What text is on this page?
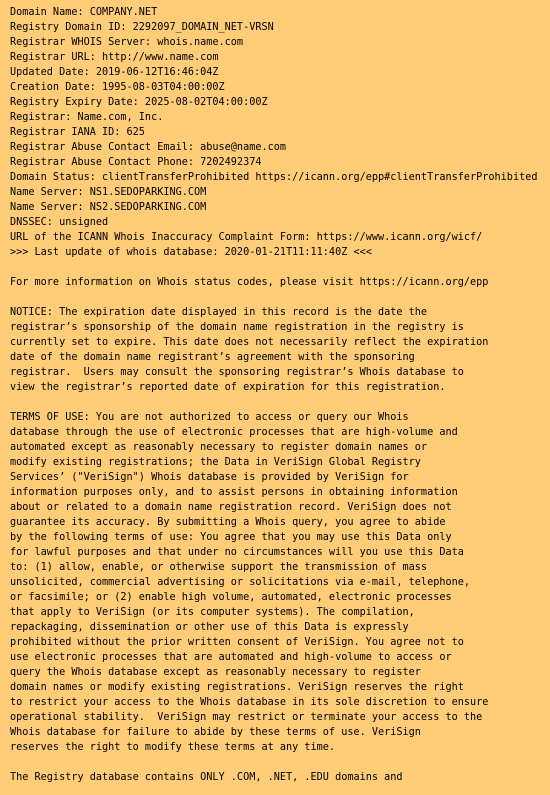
Domain Name: COMPANY.NET
Registry Domain ID: 2292097_DOMAIN_NET-VRSN
Registrar WHOIS Server: whois.name.com
Registrar URL: http://www.name.com
Updated Date: 2019-06-12T16:46:04Z
Creation Date: 1995-08-03T04:00:00Z
Registry Expiry Date: 2025-08-02T04:00:00Z
Registrar: Name.com, Inc.
Registrar IANA ID: 625
Registrar Abuse Contact Email: abuse@name.com
Registrar Abuse Contact Phone: 7202492374
Domain Status: clientTransferProhibited https://icann.org/epp#clientTransferProhibited
Name Server: NS1.SEDOPARKING.COM
Name Server: NS2.SEDOPARKING.COM
DNSSEC: unsigned
URL of the ICANN Whois Inaccuracy Complaint Form: https://www.icann.org/wicf/
>>> Last update of whois database: 2020-01-21T11:11:40Z <<<
For more information on Whois status codes, please visit https://icann.org/epp
NOTICE: The expiration date displayed in this record is the date the
registrar’s sponsorship of the domain name registration in the registry is
currently set to expire. This date does not necessarily reflect the expiration
date of the domain name registrant’s agreement with the sponsoring
registrar.  Users may consult the sponsoring registrar’s Whois database to
view the registrar’s reported date of expiration for this registration.
TERMS OF USE: You are not authorized to access or query our Whois
database through the use of electronic processes that are high-volume and
automated except as reasonably necessary to register domain names or
modify existing registrations; the Data in VeriSign Global Registry
Services’ ("VeriSign") Whois database is provided by VeriSign for
information purposes only, and to assist persons in obtaining information
about or related to a domain name registration record. VeriSign does not
guarantee its accuracy. By submitting a Whois query, you agree to abide
by the following terms of use: You agree that you may use this Data only
for lawful purposes and that under no circumstances will you use this Data
to: (1) allow, enable, or otherwise support the transmission of mass
unsolicited, commercial advertising or solicitations via e-mail, telephone,
or facsimile; or (2) enable high volume, automated, electronic processes
that apply to VeriSign (or its computer systems). The compilation,
repackaging, dissemination or other use of this Data is expressly
prohibited without the prior written consent of VeriSign. You agree not to
use electronic processes that are automated and high-volume to access or
query the Whois database except as reasonably necessary to register
domain names or modify existing registrations. VeriSign reserves the right
to restrict your access to the Whois database in its sole discretion to ensure
operational stability.  VeriSign may restrict or terminate your access to the
Whois database for failure to abide by these terms of use. VeriSign
reserves the right to modify these terms at any time.
The Registry database contains ONLY .COM, .NET, .EDU domains and
